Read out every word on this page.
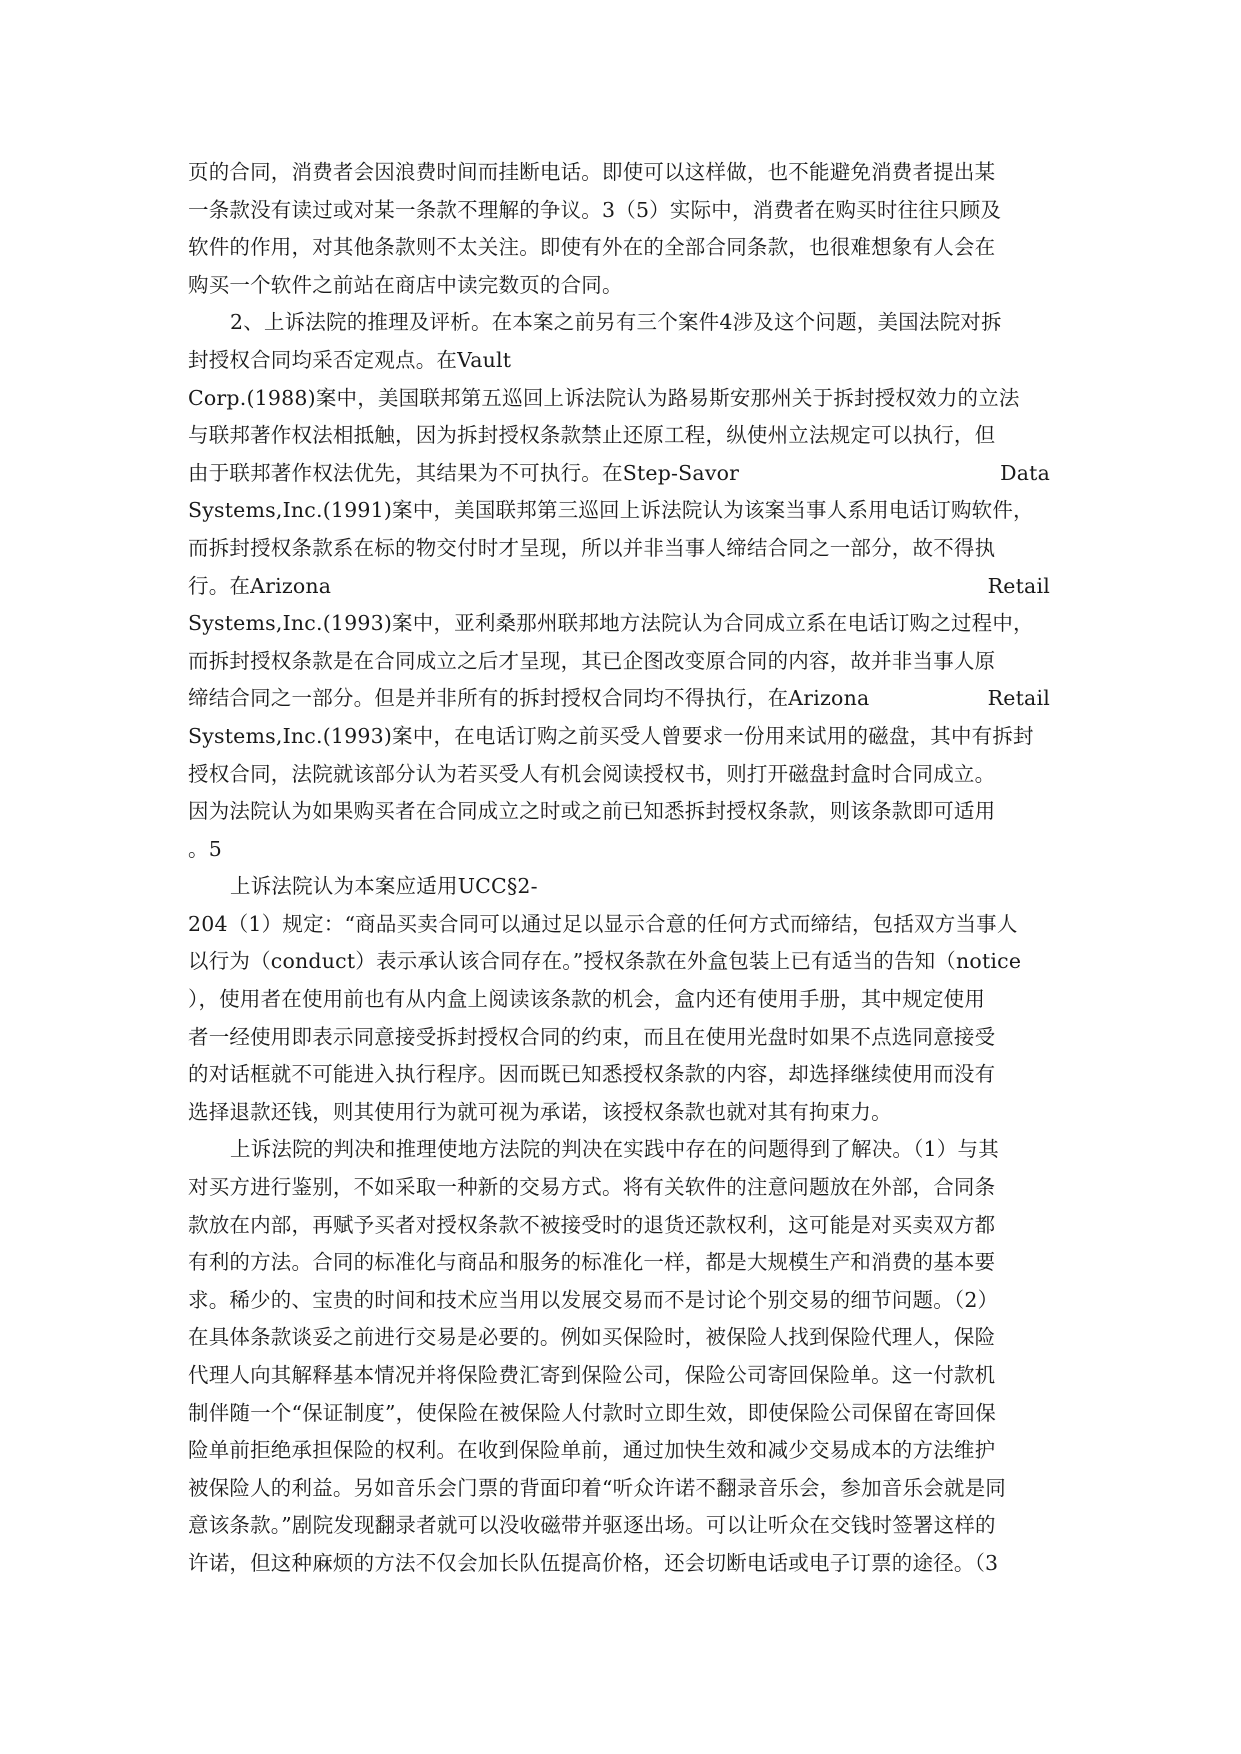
页的合同，消费者会因浪费时间而挂断电话。即使可以这样做，也不能避免消费者提出某
一条款没有读过或对某一条款不理解的争议。3（5）实际中，消费者在购买时往往只顾及
软件的作用，对其他条款则不太关注。即使有外在的全部合同条款，也很难想象有人会在
购买一个软件之前站在商店中读完数页的合同。
2、上诉法院的推理及评析。在本案之前另有三个案件4涉及这个问题，美国法院对拆
封授权合同均采否定观点。在Vault
Corp.(1988)案中，美国联邦第五巡回上诉法院认为路易斯安那州关于拆封授权效力的立法
与联邦著作权法相抵触，因为拆封授权条款禁止还原工程，纵使州立法规定可以执行，但
由于联邦著作权法优先，其结果为不可执行。在Step-Savor	Data
Systems,Inc.(1991)案中，美国联邦第三巡回上诉法院认为该案当事人系用电话订购软件，
而拆封授权条款系在标的物交付时才呈现，所以并非当事人缔结合同之一部分，故不得执
行。在Arizona	Retail
Systems,Inc.(1993)案中，亚利桑那州联邦地方法院认为合同成立系在电话订购之过程中，
而拆封授权条款是在合同成立之后才呈现，其已企图改变原合同的内容，故并非当事人原
缔结合同之一部分。但是并非所有的拆封授权合同均不得执行，在Arizona	Retail
Systems,Inc.(1993)案中，在电话订购之前买受人曾要求一份用来试用的磁盘，其中有拆封
授权合同，法院就该部分认为若买受人有机会阅读授权书，则打开磁盘封盒时合同成立。
因为法院认为如果购买者在合同成立之时或之前已知悉拆封授权条款，则该条款即可适用
。5
上诉法院认为本案应适用UCC§2-
204（1）规定：“商品买卖合同可以通过足以显示合意的任何方式而缔结，包括双方当事人
以行为（conduct）表示承认该合同存在。”授权条款在外盒包装上已有适当的告知（notice
），使用者在使用前也有从内盒上阅读该条款的机会，盒内还有使用手册，其中规定使用
者一经使用即表示同意接受拆封授权合同的约束，而且在使用光盘时如果不点选同意接受
的对话框就不可能进入执行程序。因而既已知悉授权条款的内容，却选择继续使用而没有
选择退款还钱，则其使用行为就可视为承诺，该授权条款也就对其有拘束力。
上诉法院的判决和推理使地方法院的判决在实践中存在的问题得到了解决。（1）与其
对买方进行鉴别，不如采取一种新的交易方式。将有关软件的注意问题放在外部，合同条
款放在内部，再赋予买者对授权条款不被接受时的退货还款权利，这可能是对买卖双方都
有利的方法。合同的标准化与商品和服务的标准化一样，都是大规模生产和消费的基本要
求。稀少的、宝贵的时间和技术应当用以发展交易而不是讨论个别交易的细节问题。（2）
在具体条款谈妥之前进行交易是必要的。例如买保险时，被保险人找到保险代理人，保险
代理人向其解释基本情况并将保险费汇寄到保险公司，保险公司寄回保险单。这一付款机
制伴随一个“保证制度”，使保险在被保险人付款时立即生效，即使保险公司保留在寄回保
险单前拒绝承担保险的权利。在收到保险单前，通过加快生效和减少交易成本的方法维护
被保险人的利益。另如音乐会门票的背面印着“听众许诺不翻录音乐会，参加音乐会就是同
意该条款。”剧院发现翻录者就可以没收磁带并驱逐出场。可以让听众在交钱时签署这样的
许诺，但这种麻烦的方法不仅会加长队伍提高价格，还会切断电话或电子订票的途径。（3
